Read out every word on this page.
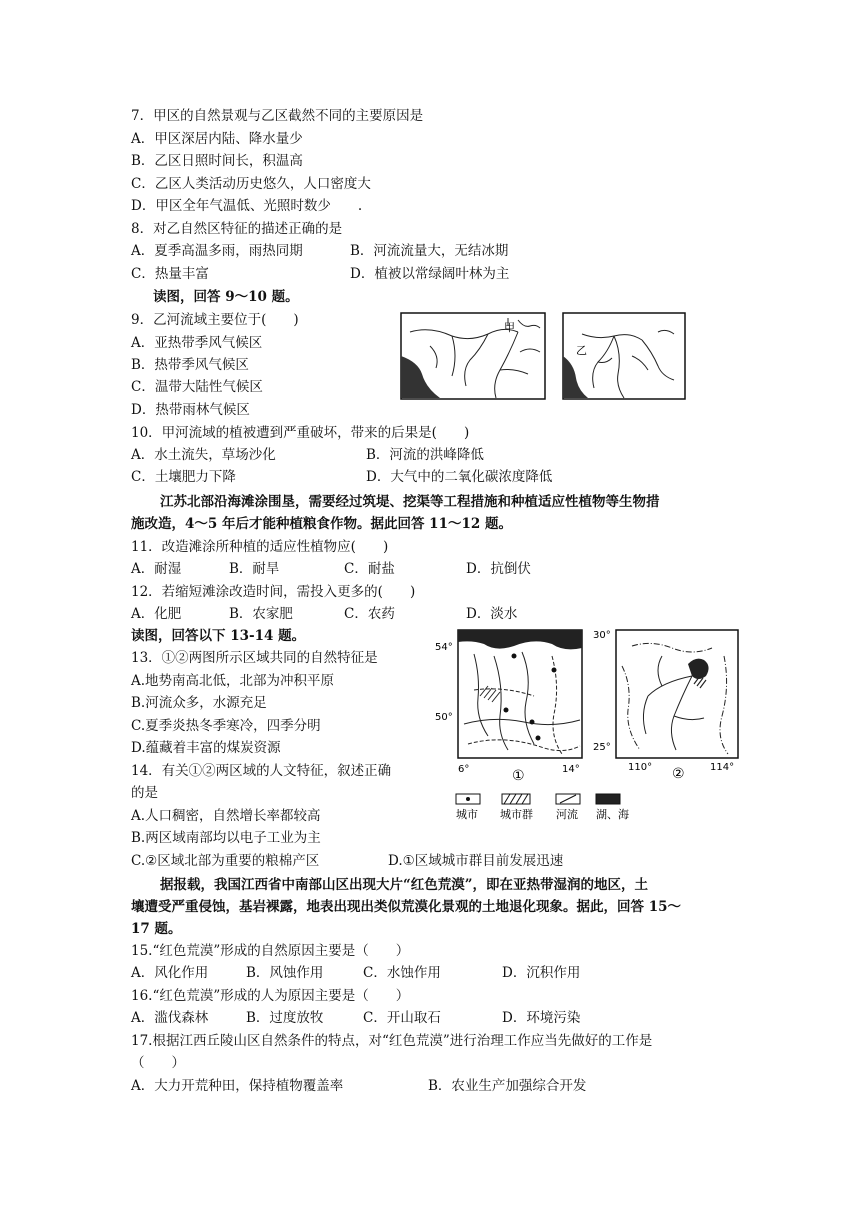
7．甲区的自然景观与乙区截然不同的主要原因是
A．甲区深居内陆、降水量少
B．乙区日照时间长，积温高
C．乙区人类活动历史悠久，人口密度大
D．甲区全年气温低、光照时数少　　.
8．对乙自然区特征的描述正确的是
A．夏季高温多雨，雨热同期	B．河流流量大，无结冰期
C．热量丰富	D．植被以常绿阔叶林为主
读图，回答 9～10 题。
9．乙河流域主要位于(　　)
A．亚热带季风气候区
B．热带季风气候区
C．温带大陆性气候区
D．热带雨林气候区
甲
乙
10．甲河流域的植被遭到严重破坏，带来的后果是(　　)
A．水土流失，草场沙化	B．河流的洪峰降低
C．土壤肥力下降	D．大气中的二氧化碳浓度降低
江苏北部沿海滩涂围垦，需要经过筑堤、挖渠等工程措施和种植适应性植物等生物措
施改造，4～5 年后才能种植粮食作物。据此回答 11～12 题。
11．改造滩涂所种植的适应性植物应(　　)
A．耐湿	B．耐旱	C．耐盐	D．抗倒伏
12．若缩短滩涂改造时间，需投入更多的(　　)
A．化肥	B．农家肥	C．农药	D．淡水
读图，回答以下 13-14 题。
13．①②两图所示区域共同的自然特征是
A.地势南高北低，北部为冲积平原
B.河流众多，水源充足
C.夏季炎热冬季寒冷，四季分明
D.蕴藏着丰富的煤炭资源
14．有关①②两区域的人文特征，叙述正确
的是
A.人口稠密，自然增长率都较高
B.两区域南部均以电子工业为主
C.②区域北部为重要的粮棉产区	D.①区域城市群目前发展迅速
54°
50°
6°	14°
①
30°
25°
110°	114°
②
城市 城市群 河流 湖、海
据报载，我国江西省中南部山区出现大片“红色荒漠”，即在亚热带湿润的地区，土
壤遭受严重侵蚀，基岩裸露，地表出现出类似荒漠化景观的土地退化现象。据此，回答 15～
17 题。
15.“红色荒漠”形成的自然原因主要是（　　）
A．风化作用	B．风蚀作用	C．水蚀作用	D．沉积作用
16.“红色荒漠”形成的人为原因主要是（　　）
A．滥伐森林	B．过度放牧	C．开山取石	D．环境污染
17.根据江西丘陵山区自然条件的特点，对“红色荒漠”进行治理工作应当先做好的工作是
（　　）
A．大力开荒种田，保持植物覆盖率	B．农业生产加强综合开发
